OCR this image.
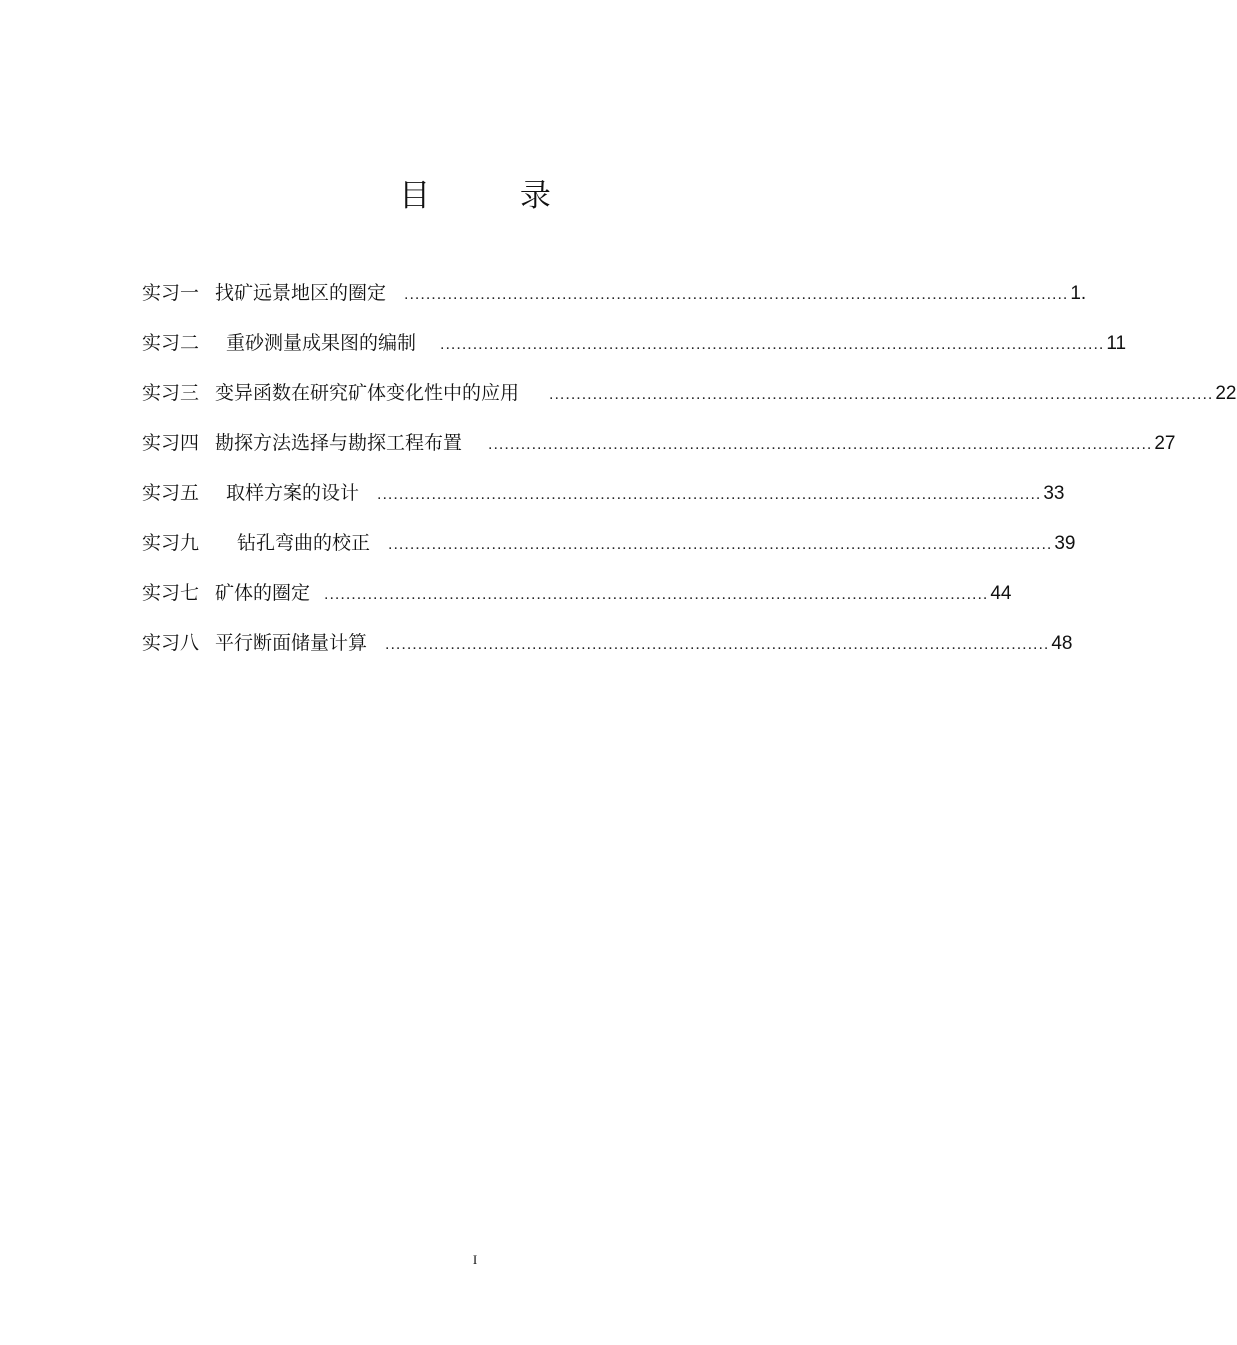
目 录
实习一 找矿远景地区的圈定 .......................................................................................................................... 1.
实习二 重砂测量成果图的编制 .......................................................................................................................... 11
实习三 变异函数在研究矿体变化性中的应用 .......................................................................................................................... 22
实习四 勘探方法选择与勘探工程布置 .......................................................................................................................... 27
实习五 取样方案的设计 .......................................................................................................................... 33
实习九 钻孔弯曲的校正 .......................................................................................................................... 39
实习七 矿体的圈定 .......................................................................................................................... 44
实习八 平行断面储量计算 .......................................................................................................................... 48
I
